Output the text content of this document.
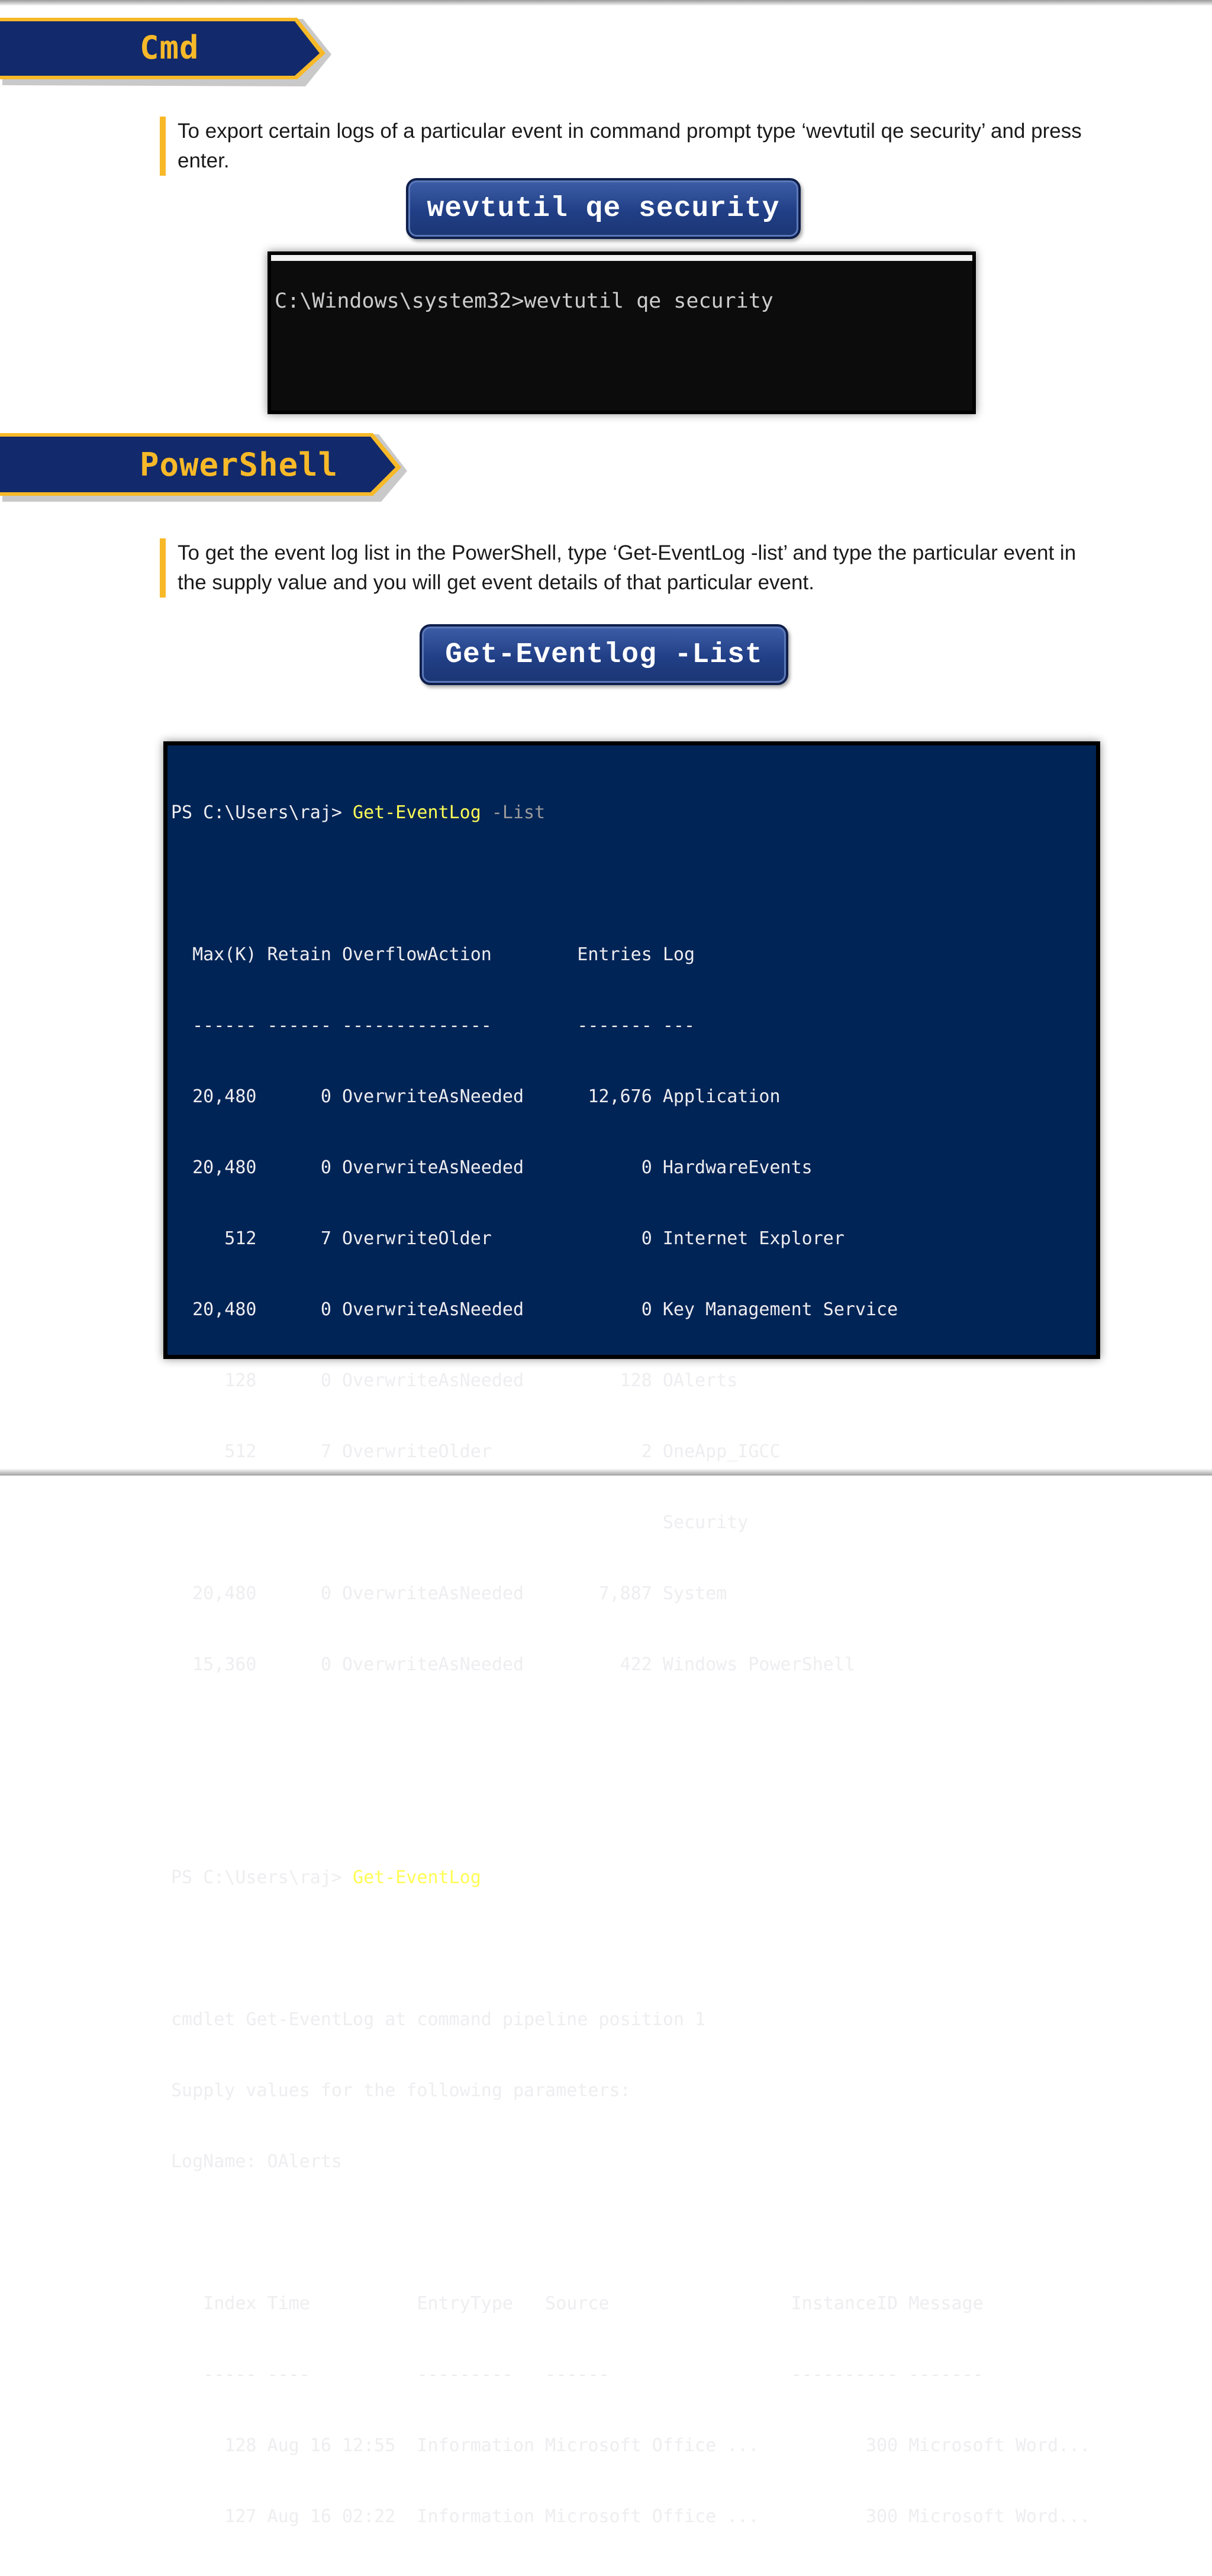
Cmd
To export certain logs of a particular event in command prompt type ‘wevtutil qe security’ and press enter.
wevtutil qe security
C:\Windows\system32>wevtutil qe security
PowerShell
To get the event log list in the PowerShell, type ‘Get-EventLog -list’ and type the particular event in the supply value and you will get event details of that particular event.
Get-Eventlog -List

PS C:\Users\raj> Get-EventLog -List

Max(K) Retain OverflowAction        Entries Log

------ ------ --------------        ------- ---

20,480      0 OverwriteAsNeeded      12,676 Application

20,480      0 OverwriteAsNeeded           0 HardwareEvents

512      7 OverwriteOlder              0 Internet Explorer

20,480      0 OverwriteAsNeeded           0 Key Management Service

128      0 OverwriteAsNeeded         128 OAlerts

512      7 OverwriteOlder              2 OneApp_IGCC

Security

20,480      0 OverwriteAsNeeded       7,887 System

15,360      0 OverwriteAsNeeded         422 Windows PowerShell

PS C:\Users\raj> Get-EventLog

cmdlet Get-EventLog at command pipeline position 1

Supply values for the following parameters:

LogName: OAlerts

Index Time          EntryType   Source                 InstanceID Message

----- ----          ---------   ------                 ---------- -------

128 Aug 16 12:55  Information Microsoft Office ...          300 Microsoft Word...

127 Aug 16 02:22  Information Microsoft Office ...          300 Microsoft Word...
